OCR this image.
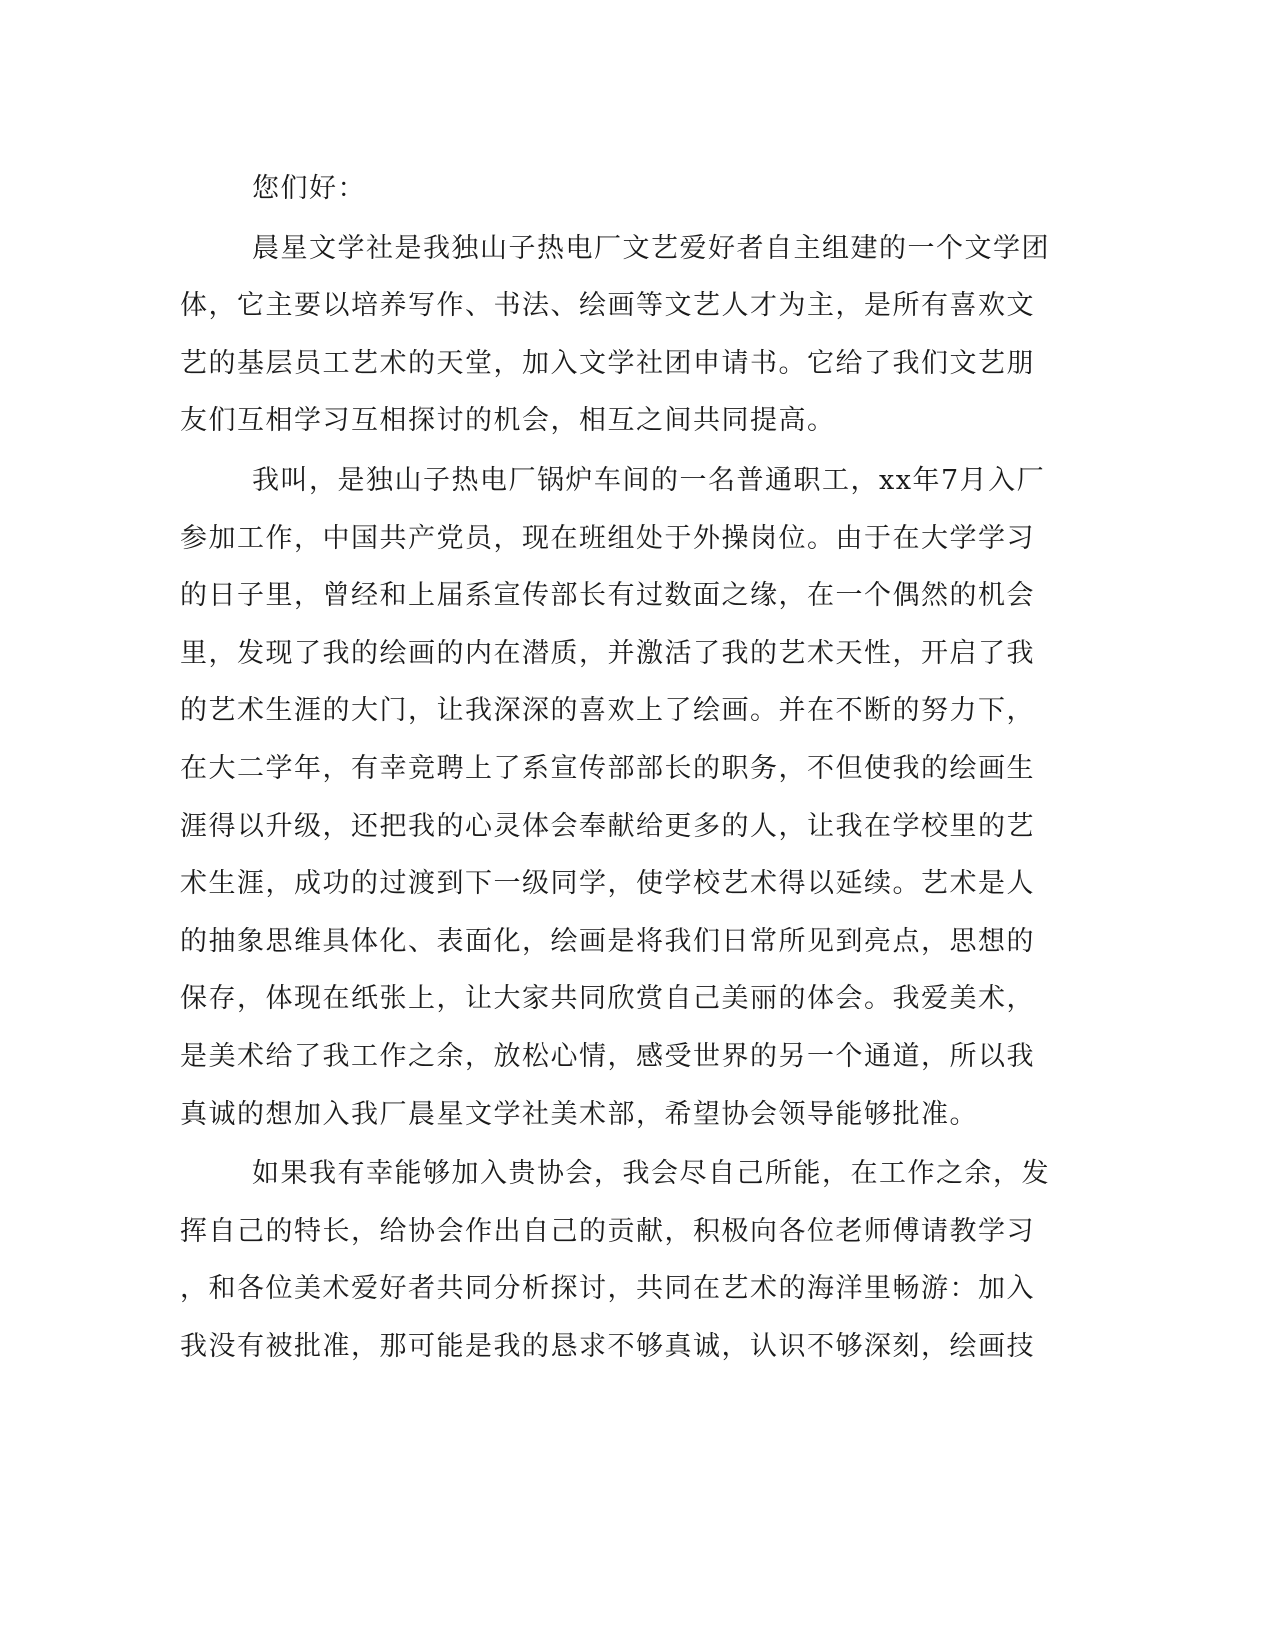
您们好：
晨星文学社是我独山子热电厂文艺爱好者自主组建的一个文学团
体，它主要以培养写作、书法、绘画等文艺人才为主，是所有喜欢文
艺的基层员工艺术的天堂，加入文学社团申请书。它给了我们文艺朋
友们互相学习互相探讨的机会，相互之间共同提高。
我叫，是独山子热电厂锅炉车间的一名普通职工，xx年7月入厂
参加工作，中国共产党员，现在班组处于外操岗位。由于在大学学习
的日子里，曾经和上届系宣传部长有过数面之缘，在一个偶然的机会
里，发现了我的绘画的内在潜质，并激活了我的艺术天性，开启了我
的艺术生涯的大门，让我深深的喜欢上了绘画。并在不断的努力下，
在大二学年，有幸竞聘上了系宣传部部长的职务，不但使我的绘画生
涯得以升级，还把我的心灵体会奉献给更多的人，让我在学校里的艺
术生涯，成功的过渡到下一级同学，使学校艺术得以延续。艺术是人
的抽象思维具体化、表面化，绘画是将我们日常所见到亮点，思想的
保存，体现在纸张上，让大家共同欣赏自己美丽的体会。我爱美术，
是美术给了我工作之余，放松心情，感受世界的另一个通道，所以我
真诚的想加入我厂晨星文学社美术部，希望协会领导能够批准。
如果我有幸能够加入贵协会，我会尽自己所能，在工作之余，发
挥自己的特长，给协会作出自己的贡献，积极向各位老师傅请教学习
，和各位美术爱好者共同分析探讨，共同在艺术的海洋里畅游：加入
我没有被批准，那可能是我的恳求不够真诚，认识不够深刻，绘画技
